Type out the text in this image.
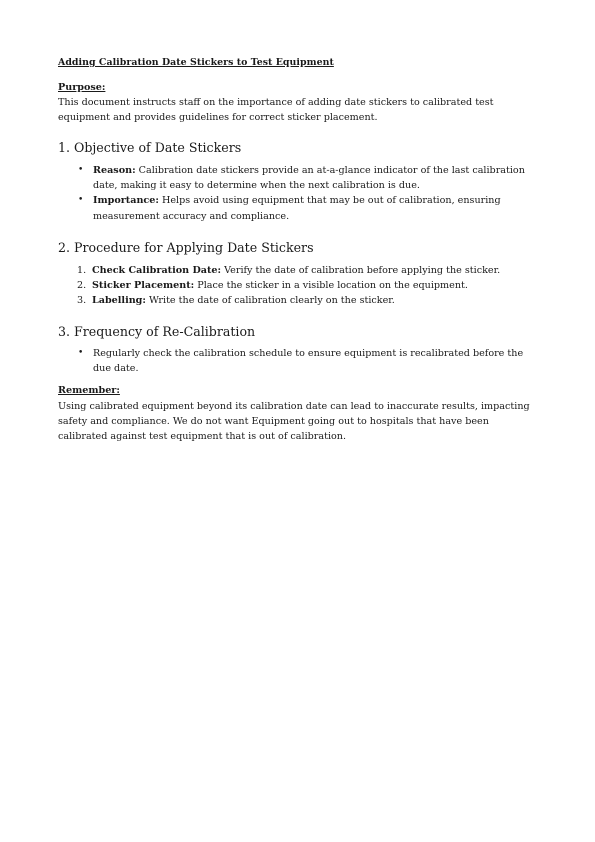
Adding Calibration Date Stickers to Test Equipment
Purpose:

This document instructs staff on the importance of adding date stickers to calibrated test equipment and provides guidelines for correct sticker placement.

1. Objective of Date Stickers
• Reason: Calibration date stickers provide an at-a-glance indicator of the last calibration date, making it easy to determine when the next calibration is due.
• Importance: Helps avoid using equipment that may be out of calibration, ensuring measurement accuracy and compliance.
2. Procedure for Applying Date Stickers
1. Check Calibration Date: Verify the date of calibration before applying the sticker.
2. Sticker Placement: Place the sticker in a visible location on the equipment.
3. Labelling: Write the date of calibration clearly on the sticker.
3. Frequency of Re-Calibration
• Regularly check the calibration schedule to ensure equipment is recalibrated before the due date.
Remember:

Using calibrated equipment beyond its calibration date can lead to inaccurate results, impacting safety and compliance. We do not want Equipment going out to hospitals that have been calibrated against test equipment that is out of calibration.
